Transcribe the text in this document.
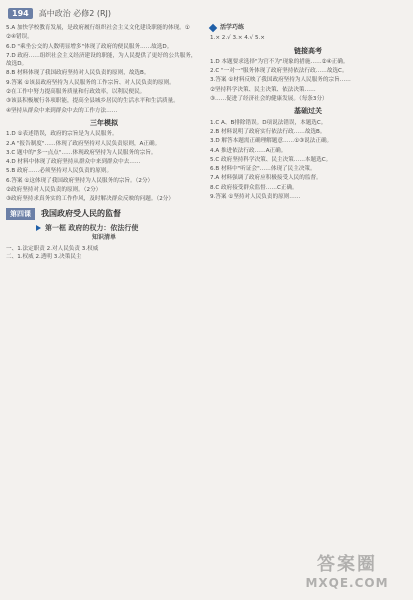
194	高中政治 必修2 (RJ)

5.A 加快学校教育发展，是政府履行组织社会主义文化建设职能的体现。①

②④错误。

6.D "乘坐公交的人数明显增多"体现了政府的便民服务……故选D。

7.D 政府……组织社会主义经济建设的职能，为人民提供了更好的公共服务，故选D。

8.B 材料体现了我国政府坚持对人民负责的原则，故选B。

9.答案 ①该县政府坚持为人民服务的工作宗旨、对人民负责的原则。

②在工作中努力提高服务质量和行政效率，以利民便民。

③该县积极履行各项职能，提高全县城乡居民的生活水平和生活质量。

④坚持从群众中来到群众中去的工作方法……

三年模拟

1.D ①表述错误，政府的宗旨是为人民服务。

2.A "报告制度"……体现了政府坚持对人民负责原则，A正确。

3.C 题中的"多一点点"……体现政府坚持为人民服务的宗旨。

4.D 材料中体现了政府坚持从群众中来到群众中去……

5.B 政府……必须坚持对人民负责的原则。

6.答案 ①这体现了我国政府坚持为人民服务的宗旨。（2分）

②政府坚持对人民负责的原则。（2分）

③政府坚持求真务实的工作作风，及时解决群众反映的问题。（2分）

第四课	我国政府受人民的监督
第一框 政府的权力：依法行使
知识清单
一、1.法定职责 2.对人民负责 3.权威
二、1.权威 2.透明 3.决策民主
活学巧练

1.× 2.√ 3.× 4.√ 5.×

链接高考

1.D 本题要求选择"为官不为"现象的措施……②④正确。

2.C "一对一"服务体现了政府坚持依法行政……故选C。

3.答案 ①材料反映了我国政府坚持为人民服务的宗旨……

②坚持科学决策、民主决策、依法决策……

③……促进了经济社会的健康发展。（每条3分）

基础过关

1.C A、B排除错误。D项说法错误，本题选C。

2.B 材料说明了政府实行依法行政……故选B。

3.D 解答本题需正确理解题意……①③说法正确。

4.A 推进依法行政……A正确。

5.C 政府坚持科学决策、民主决策……本题选C。

6.B 材料中"听证会"……体现了民主决策。

7.A 材料强调了政府应积极接受人民的监督。

8.C 政府接受群众监督……C正确。

9.答案 ①坚持对人民负责的原则……

答案圈
MXQE.COM
